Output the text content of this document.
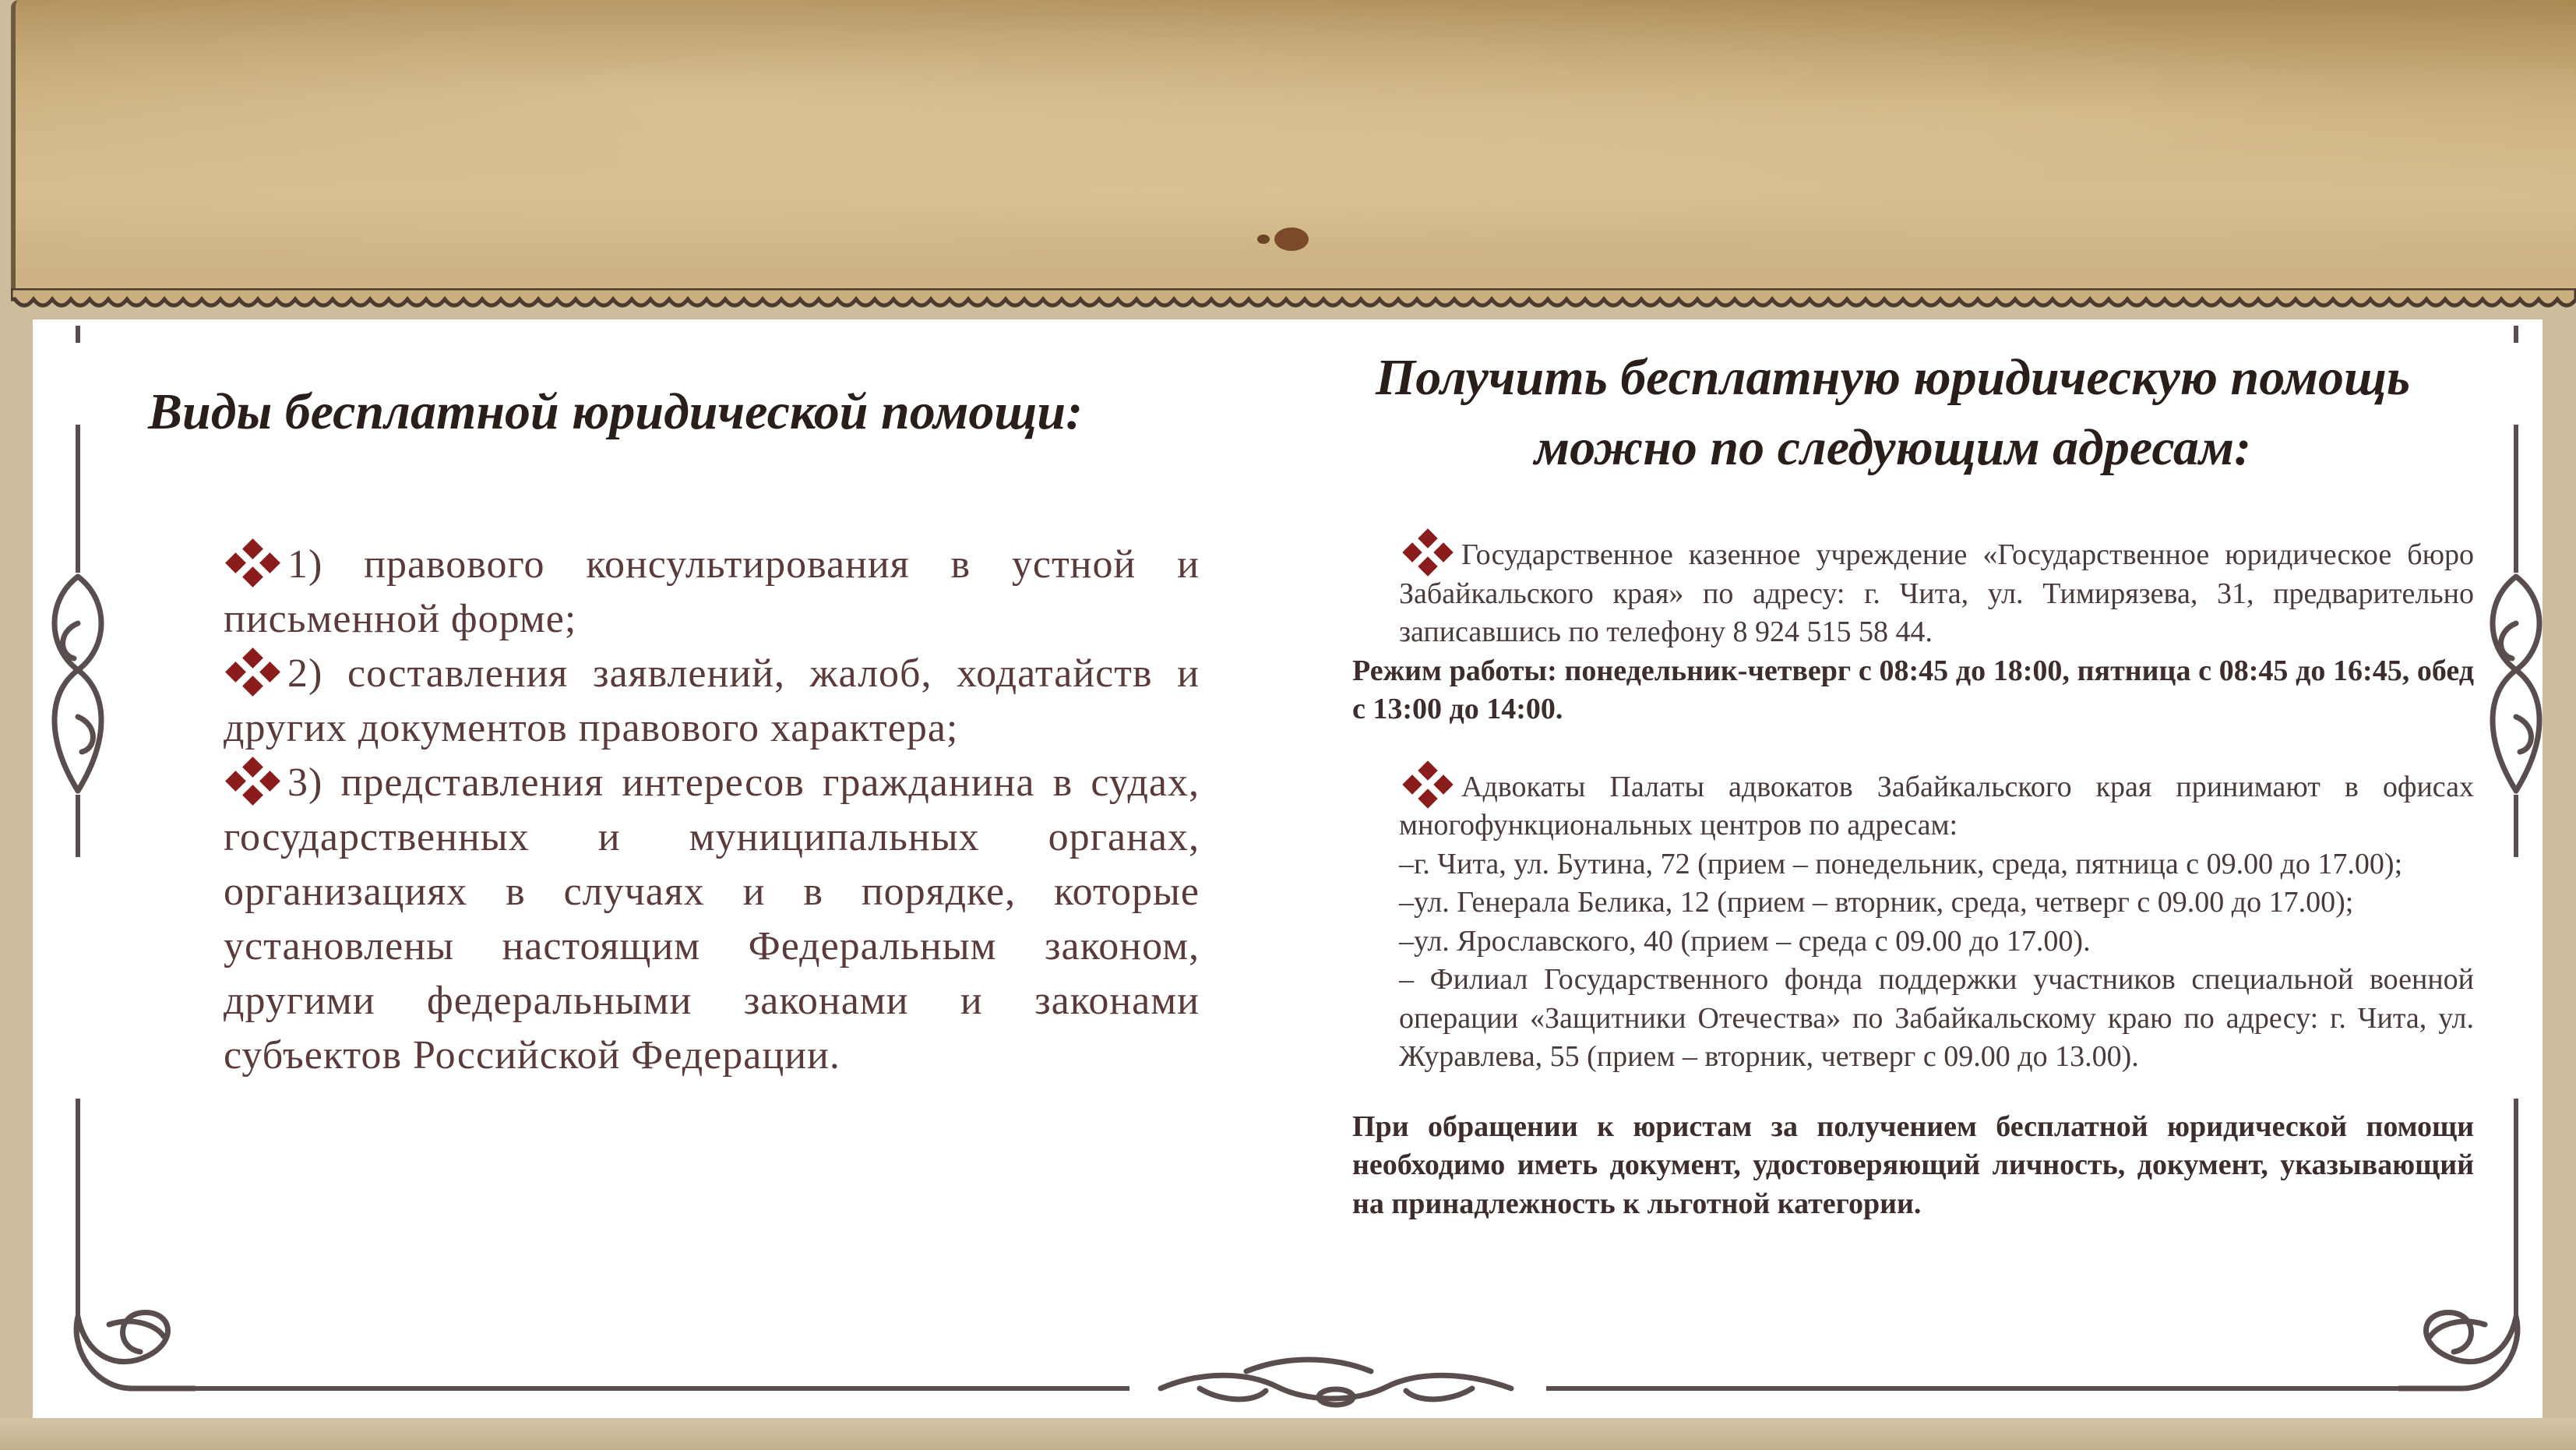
Виды бесплатной юридической помощи:

1) правового консультирования в устной и письменной форме;

2) составления заявлений, жалоб, ходатайств и других документов правового характера;

3) представления интересов гражданина в судах, государственных и муниципальных органах, организациях в случаях и в порядке, которые установлены настоящим Федеральным законом, другими федеральными законами и законами субъектов Российской Федерации.

Получить бесплатную юридическую помощь можно по следующим адресам:

Государственное казенное учреждение «Государственное юридическое бюро Забайкальского края» по адресу: г. Чита, ул. Тимирязева, 31, предварительно записавшись по телефону 8 924 515 58 44.

Режим работы: понедельник-четверг с 08:45 до 18:00, пятница с 08:45 до 16:45, обед с 13:00 до 14:00.

Адвокаты Палаты адвокатов Забайкальского края принимают в офисах многофункциональных центров по адресам:

–г. Чита, ул. Бутина, 72 (прием – понедельник, среда, пятница с 09.00 до 17.00);

–ул. Генерала Белика, 12 (прием – вторник, среда, четверг с 09.00 до 17.00);

–ул. Ярославского, 40 (прием – среда с 09.00 до 17.00).

– Филиал Государственного фонда поддержки участников специальной военной операции «Защитники Отечества» по Забайкальскому краю по адресу: г. Чита, ул. Журавлева, 55 (прием – вторник, четверг с 09.00 до 13.00).

При обращении к юристам за получением бесплатной юридической помощи необходимо иметь документ, удостоверяющий личность, документ, указывающий на принадлежность к льготной категории.
